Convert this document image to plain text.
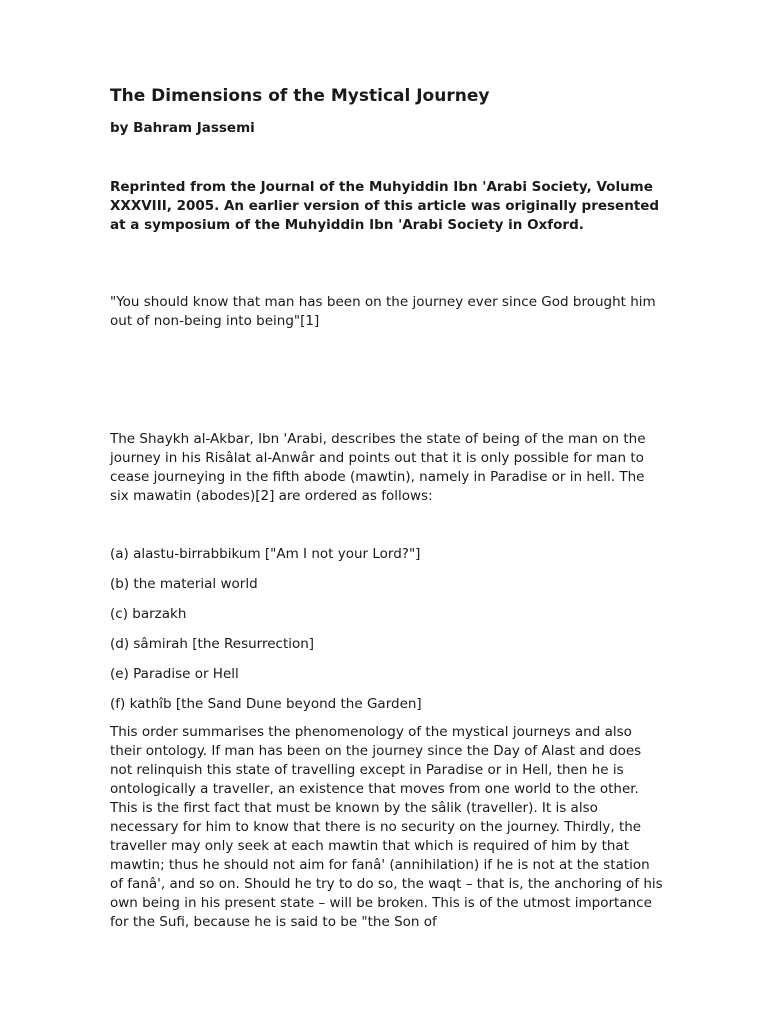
The Dimensions of the Mystical Journey

by Bahram Jassemi

Reprinted from the Journal of the Muhyiddin Ibn 'Arabi Society, Volume XXXVIII, 2005. An earlier version of this article was originally presented at a symposium of the Muhyiddin Ibn 'Arabi Society in Oxford.

"You should know that man has been on the journey ever since God brought him out of non-being into being"[1]

The Shaykh al-Akbar, Ibn 'Arabi, describes the state of being of the man on the journey in his Risâlat al-Anwâr and points out that it is only possible for man to cease journeying in the fifth abode (mawtin), namely in Paradise or in hell. The six mawatin (abodes)[2] are ordered as follows:

(a) alastu-birrabbikum ["Am I not your Lord?"]
(b) the material world
(c) barzakh
(d) sâmirah [the Resurrection]
(e) Paradise or Hell
(f) kathîb [the Sand Dune beyond the Garden]

This order summarises the phenomenology of the mystical journeys and also their ontology. If man has been on the journey since the Day of Alast and does not relinquish this state of travelling except in Paradise or in Hell, then he is ontologically a traveller, an existence that moves from one world to the other. This is the first fact that must be known by the sâlik (traveller). It is also necessary for him to know that there is no security on the journey. Thirdly, the traveller may only seek at each mawtin that which is required of him by that mawtin; thus he should not aim for fanâ' (annihilation) if he is not at the station of fanâ', and so on. Should he try to do so, the waqt – that is, the anchoring of his own being in his present state – will be broken. This is of the utmost importance for the Sufi, because he is said to be "the Son of
